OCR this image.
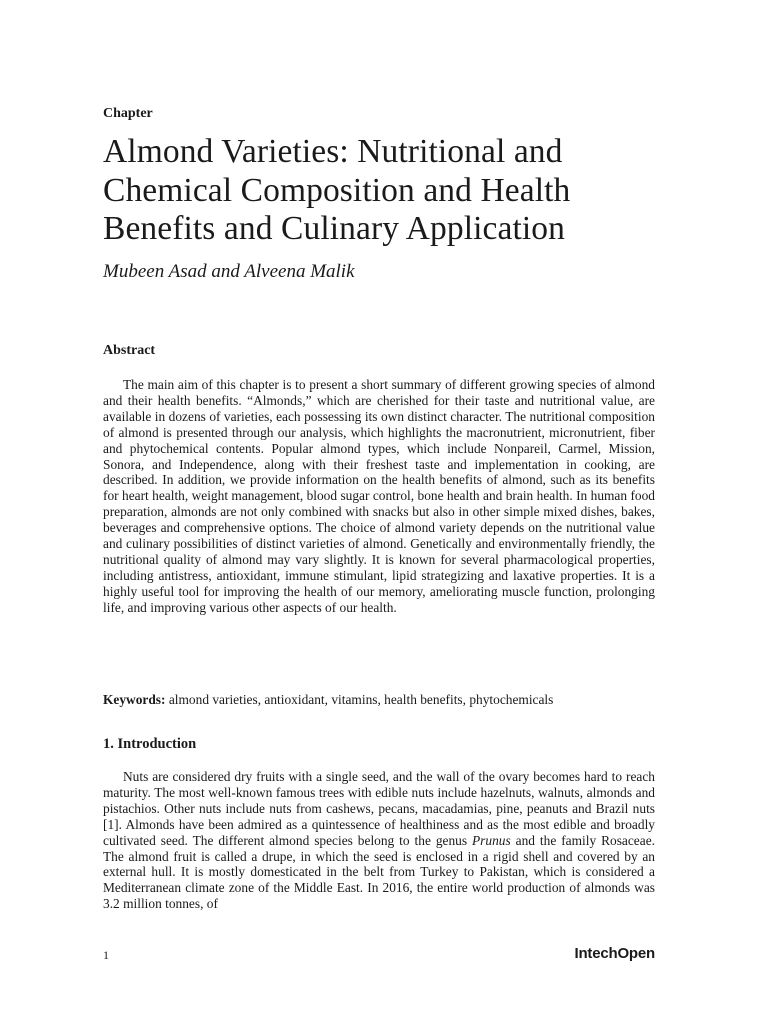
Chapter
Almond Varieties: Nutritional and Chemical Composition and Health Benefits and Culinary Application
Mubeen Asad and Alveena Malik
Abstract

The main aim of this chapter is to present a short summary of different growing species of almond and their health benefits. “Almonds,” which are cherished for their taste and nutritional value, are available in dozens of varieties, each possessing its own distinct character. The nutritional composition of almond is presented through our analysis, which highlights the macronutrient, micronutrient, fiber and phytochemical contents. Popular almond types, which include Nonpareil, Carmel, Mission, Sonora, and Independence, along with their freshest taste and implementation in cooking, are described. In addition, we provide information on the health benefits of almond, such as its benefits for heart health, weight management, blood sugar control, bone health and brain health. In human food preparation, almonds are not only combined with snacks but also in other simple mixed dishes, bakes, beverages and comprehensive options. The choice of almond variety depends on the nutritional value and culinary possibilities of distinct varieties of almond. Genetically and environmentally friendly, the nutritional quality of almond may vary slightly. It is known for several pharmacological properties, including antistress, antioxidant, immune stimulant, lipid strategizing and laxative properties. It is a highly useful tool for improving the health of our memory, ameliorating muscle function, prolonging life, and improving various other aspects of our health.

Keywords: almond varieties, antioxidant, vitamins, health benefits, phytochemicals

1. Introduction

Nuts are considered dry fruits with a single seed, and the wall of the ovary becomes hard to reach maturity. The most well-known famous trees with edible nuts include hazelnuts, walnuts, almonds and pistachios. Other nuts include nuts from cashews, pecans, macadamias, pine, peanuts and Brazil nuts [1]. Almonds have been admired as a quintessence of healthiness and as the most edible and broadly cultivated seed. The different almond species belong to the genus Prunus and the family Rosaceae. The almond fruit is called a drupe, in which the seed is enclosed in a rigid shell and covered by an external hull. It is mostly domesticated in the belt from Turkey to Pakistan, which is considered a Mediterranean climate zone of the Middle East. In 2016, the entire world production of almonds was 3.2 million tonnes, of

1	IntechOpen
